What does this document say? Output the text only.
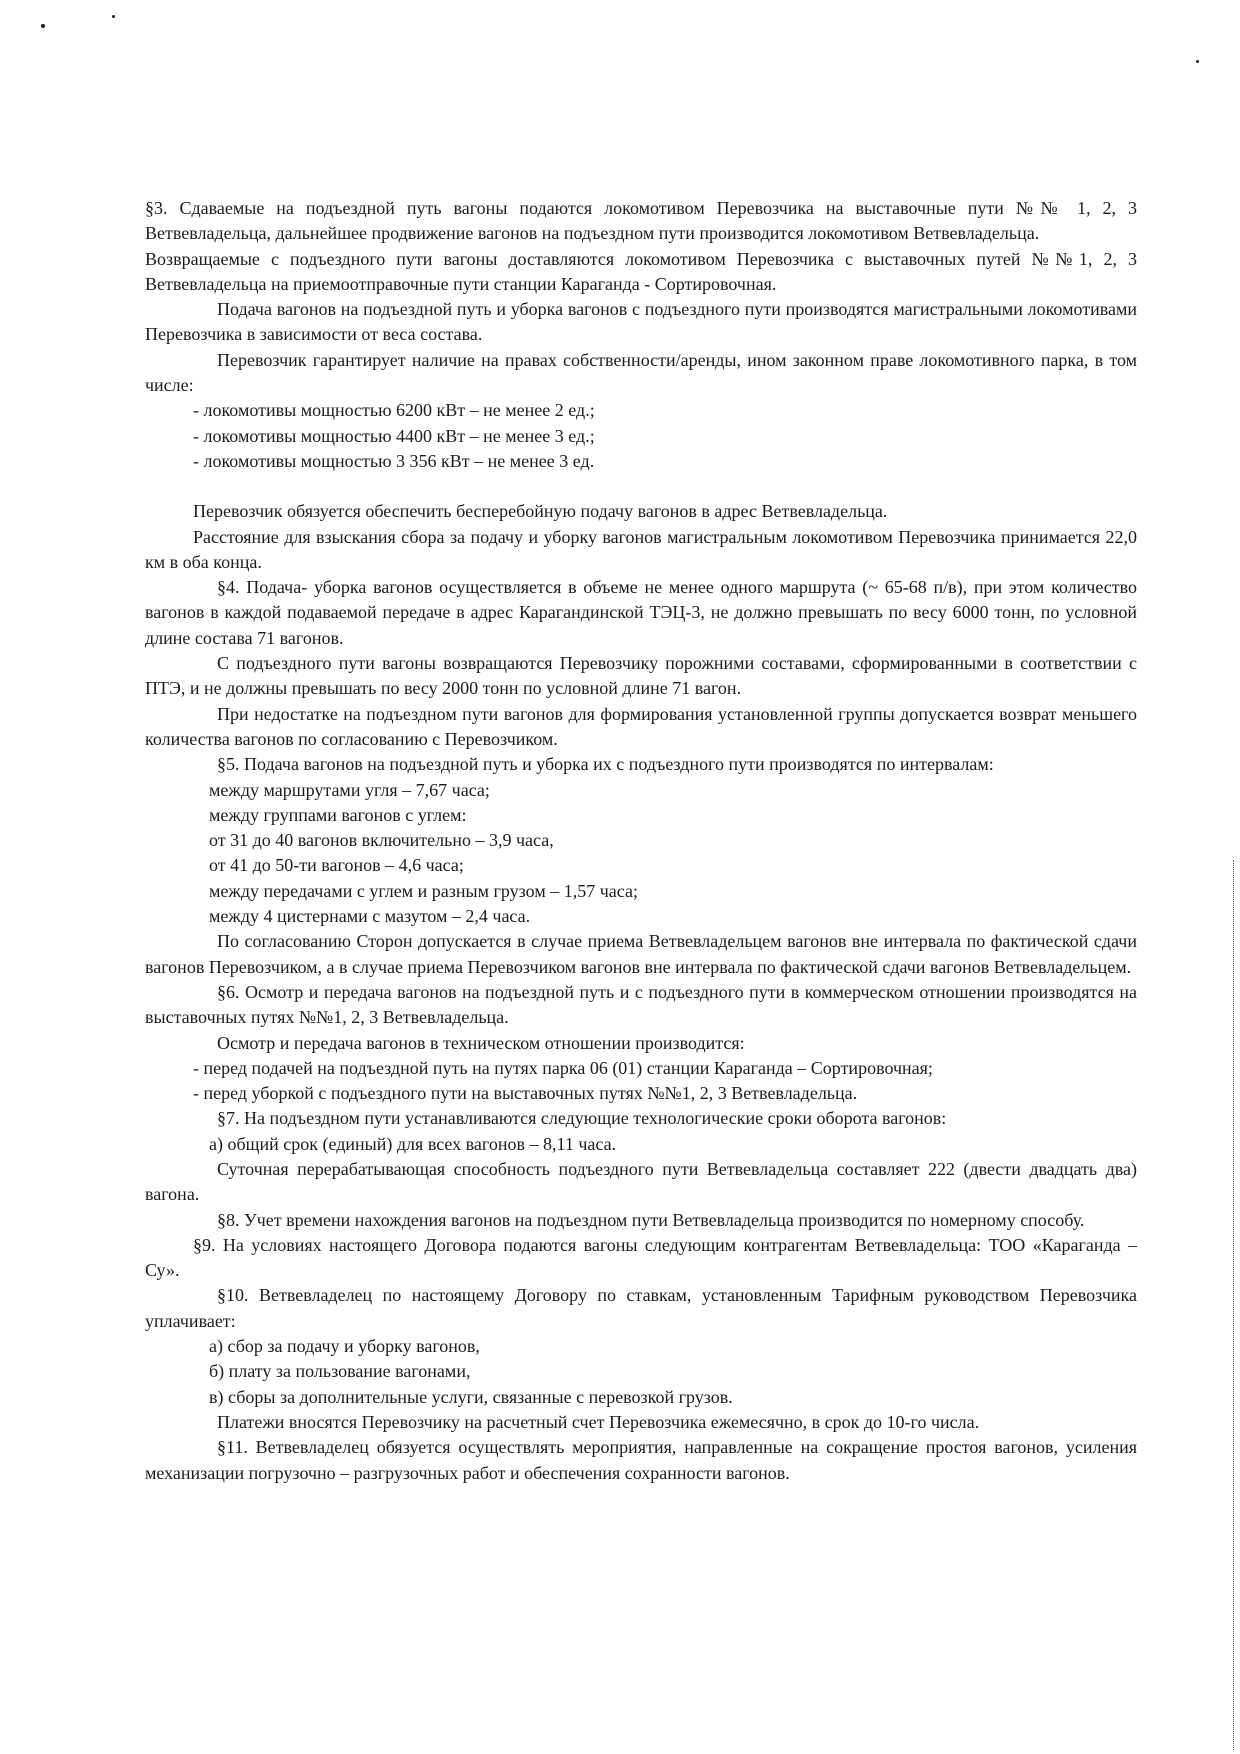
§3. Сдаваемые на подъездной путь вагоны подаются локомотивом Перевозчика на выставочные пути №№ 1, 2, 3 Ветвевладельца, дальнейшее продвижение вагонов на подъездном пути производится локомотивом Ветвевладельца.

Возвращаемые с подъездного пути вагоны доставляются локомотивом Перевозчика с выставочных путей №№1, 2, 3 Ветвевладельца на приемоотправочные пути станции Караганда - Сортировочная.

Подача вагонов на подъездной путь и уборка вагонов с подъездного пути производятся магистральными локомотивами Перевозчика в зависимости от веса состава.

Перевозчик гарантирует наличие на правах собственности/аренды, ином законном праве локомотивного парка, в том числе:

- локомотивы мощностью 6200 кВт – не менее 2 ед.;

- локомотивы мощностью 4400 кВт – не менее 3 ед.;

- локомотивы мощностью 3 356 кВт – не менее 3 ед.

Перевозчик обязуется обеспечить бесперебойную подачу вагонов в адрес Ветвевладельца.

Расстояние для взыскания сбора за подачу и уборку вагонов магистральным локомотивом Перевозчика принимается 22,0 км в оба конца.

§4. Подача- уборка вагонов осуществляется в объеме не менее одного маршрута (~ 65-68 п/в), при этом количество вагонов в каждой подаваемой передаче в адрес Карагандинской ТЭЦ-3, не должно превышать по весу 6000 тонн, по условной длине состава 71 вагонов.

С подъездного пути вагоны возвращаются Перевозчику порожними составами, сформированными в соответствии с ПТЭ, и не должны превышать по весу 2000 тонн по условной длине 71 вагон.

При недостатке на подъездном пути вагонов для формирования установленной группы допускается возврат меньшего количества вагонов по согласованию с Перевозчиком.

§5. Подача вагонов на подъездной путь и уборка их с подъездного пути производятся по интервалам:

между маршрутами угля – 7,67 часа;

между группами вагонов с углем:

от 31 до 40 вагонов включительно – 3,9 часа,

от 41 до 50-ти вагонов – 4,6 часа;

между передачами с углем и разным грузом – 1,57 часа;

между 4 цистернами с мазутом – 2,4 часа.

По согласованию Сторон допускается в случае приема Ветвевладельцем вагонов вне интервала по фактической сдачи вагонов Перевозчиком, а в случае приема Перевозчиком вагонов вне интервала по фактической сдачи вагонов Ветвевладельцем.

§6. Осмотр и передача вагонов на подъездной путь и с подъездного пути в коммерческом отношении производятся на выставочных путях №№1, 2, 3 Ветвевладельца.

Осмотр и передача вагонов в техническом отношении производится:

- перед подачей на подъездной путь на путях парка 06 (01) станции Караганда – Сортировочная;

- перед уборкой с подъездного пути на выставочных путях №№1, 2, 3 Ветвевладельца.

§7. На подъездном пути устанавливаются следующие технологические сроки оборота вагонов:

а) общий срок (единый) для всех вагонов – 8,11 часа.

Суточная перерабатывающая способность подъездного пути Ветвевладельца составляет 222 (двести двадцать два) вагона.

§8. Учет времени нахождения вагонов на подъездном пути Ветвевладельца производится по номерному способу.

§9. На условиях настоящего Договора подаются вагоны следующим контрагентам Ветвевладельца: ТОО «Караганда – Су».

§10. Ветвевладелец по настоящему Договору по ставкам, установленным Тарифным руководством Перевозчика уплачивает:

а) сбор за подачу и уборку вагонов,

б) плату за пользование вагонами,

в) сборы за дополнительные услуги, связанные с перевозкой грузов.

Платежи вносятся Перевозчику на расчетный счет Перевозчика ежемесячно, в срок до 10-го числа.

§11. Ветвевладелец обязуется осуществлять мероприятия, направленные на сокращение простоя вагонов, усиления механизации погрузочно – разгрузочных работ и обеспечения сохранности вагонов.
